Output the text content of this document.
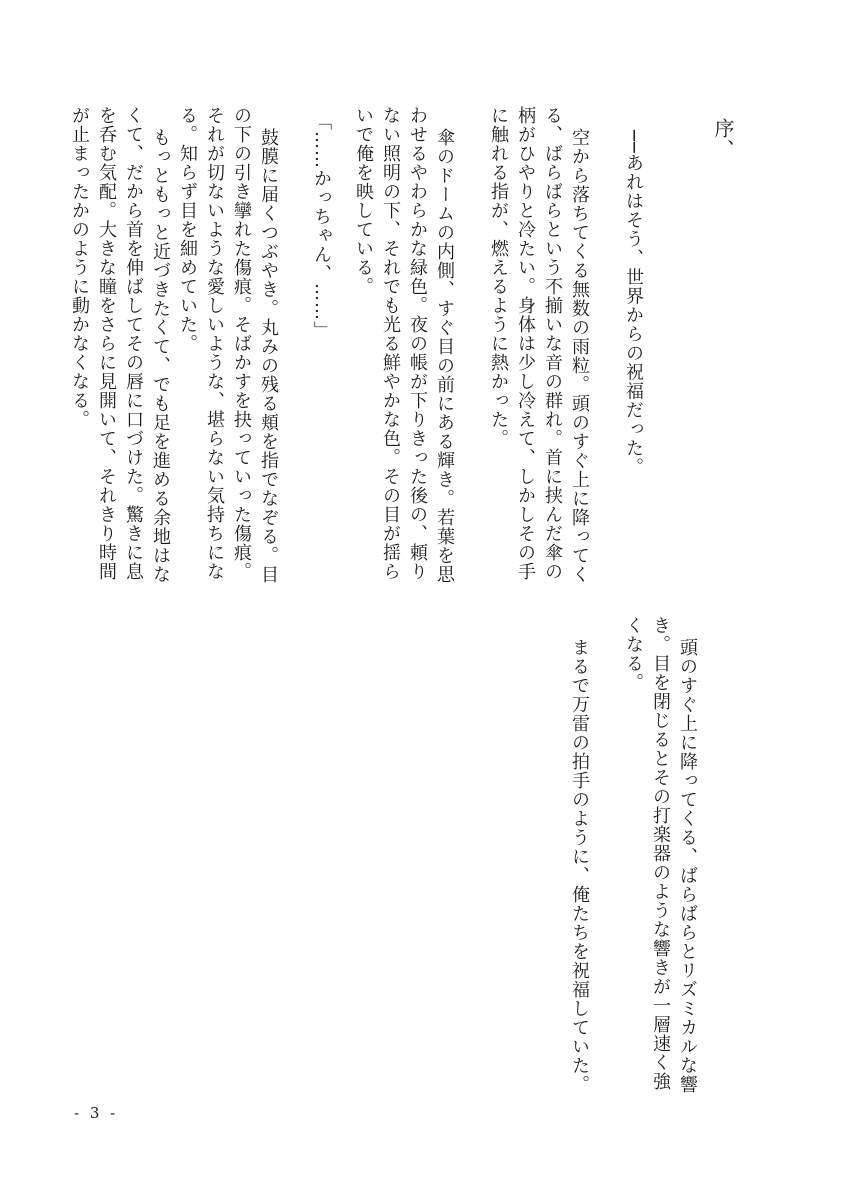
序、
──あれはそう、世界からの祝福だった。
空から落ちてくる無数の雨粒。頭のすぐ上に降ってく
る、ばらばらという不揃いな音の群れ。首に挟んだ傘の
柄がひやりと冷たい。身体は少し冷えて、しかしその手
に触れる指が、燃えるように熱かった。
傘のドームの内側、すぐ目の前にある輝き。若葉を思
わせるやわらかな緑色。夜の帳が下りきった後の、頼り
ない照明の下、それでも光る鮮やかな色。その目が揺ら
いで俺を映している。
「……かっちゃん、……」
鼓膜に届くつぶやき。丸みの残る頬を指でなぞる。目
の下の引き攣れた傷痕。そばかすを抉っていった傷痕。
それが切ないような愛しいような、堪らない気持ちにな
る。知らず目を細めていた。
もっともっと近づきたくて、でも足を進める余地はな
くて、だから首を伸ばしてその唇に口づけた。驚きに息
を呑む気配。大きな瞳をさらに見開いて、それきり時間
が止まったかのように動かなくなる。
頭のすぐ上に降ってくる、ばらばらとリズミカルな響
き。目を閉じるとその打楽器のような響きが一層速く強
くなる。
まるで万雷の拍手のように、俺たちを祝福していた。
- 3 -
